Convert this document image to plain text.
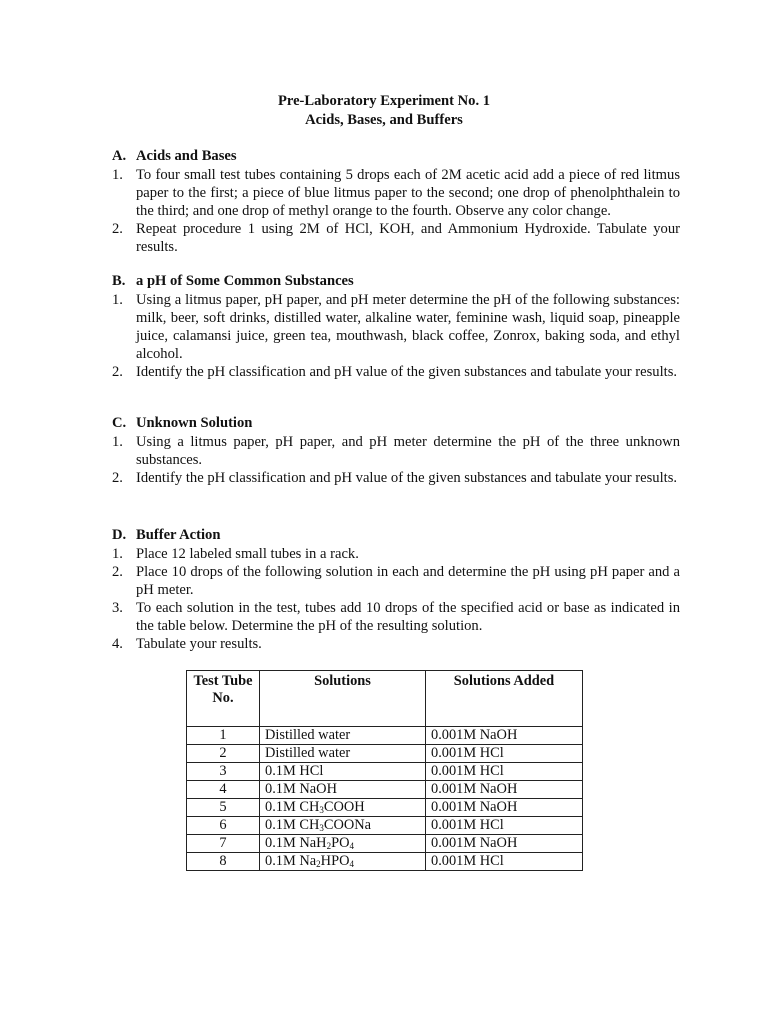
Pre-Laboratory Experiment No. 1
Acids, Bases, and Buffers
A. Acids and Bases
1. To four small test tubes containing 5 drops each of 2M acetic acid add a piece of red litmus paper to the first; a piece of blue litmus paper to the second; one drop of phenolphthalein to the third; and one drop of methyl orange to the fourth. Observe any color change.
2. Repeat procedure 1 using 2M of HCl, KOH, and Ammonium Hydroxide. Tabulate your results.
B. a pH of Some Common Substances
1. Using a litmus paper, pH paper, and pH meter determine the pH of the following substances: milk, beer, soft drinks, distilled water, alkaline water, feminine wash, liquid soap, pineapple juice, calamansi juice, green tea, mouthwash, black coffee, Zonrox, baking soda, and ethyl alcohol.
2. Identify the pH classification and pH value of the given substances and tabulate your results.
C. Unknown Solution
1. Using a litmus paper, pH paper, and pH meter determine the pH of the three unknown substances.
2. Identify the pH classification and pH value of the given substances and tabulate your results.
D. Buffer Action
1. Place 12 labeled small tubes in a rack.
2. Place 10 drops of the following solution in each and determine the pH using pH paper and a pH meter.
3. To each solution in the test, tubes add 10 drops of the specified acid or base as indicated in the table below. Determine the pH of the resulting solution.
4. Tabulate your results.
Test Tube No.	Solutions	Solutions Added
1	Distilled water	0.001M NaOH
2	Distilled water	0.001M HCl
3	0.1M HCl	0.001M HCl
4	0.1M NaOH	0.001M NaOH
5	0.1M $CH_3COOH$	0.001M NaOH
6	0.1M $CH_3COONa$	0.001M HCl
7	0.1M $NaH_2PO_4$	0.001M NaOH
8	0.1M $Na_2HPO_4$	0.001M HCl
